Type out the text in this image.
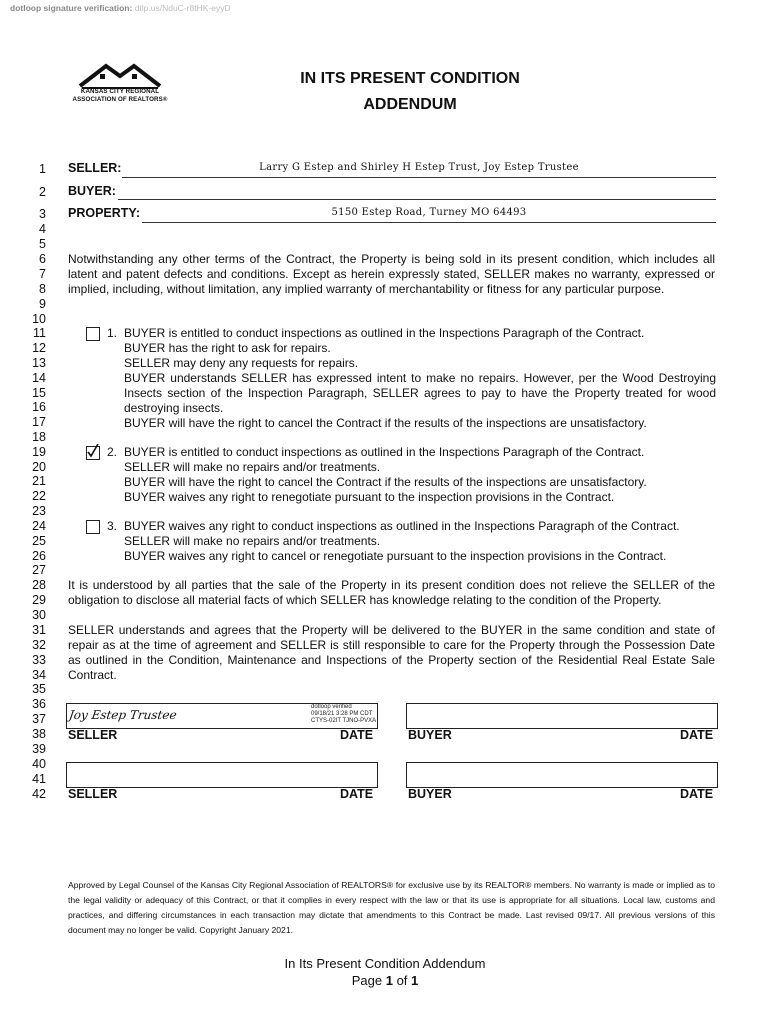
dotloop signature verification: dtlp.us/NduC-r8tHK-eyyD
KANSAS CITY REGIONAL
ASSOCIATION OF REALTORS®
IN ITS PRESENT CONDITION
ADDENDUM
1
2
3
4
5
6
7
8
9
10
11
12
13
14
15
16
17
18
19
20
21
22
23
24
25
26
27
28
29
30
31
32
33
34
35
36
37
38
39
40
41
42
SELLER:	Larry G Estep and Shirley H Estep Trust, Joy Estep Trustee
BUYER:
PROPERTY:	5150 Estep Road, Turney MO 64493
Notwithstanding any other terms of the Contract, the Property is being sold in its present condition, which includes all latent and patent defects and conditions. Except as herein expressly stated, SELLER makes no warranty, expressed or implied, including, without limitation, any implied warranty of merchantability or fitness for any particular purpose.
1. BUYER is entitled to conduct inspections as outlined in the Inspections Paragraph of the Contract.
BUYER has the right to ask for repairs.
SELLER may deny any requests for repairs.
BUYER understands SELLER has expressed intent to make no repairs. However, per the Wood Destroying Insects section of the Inspection Paragraph, SELLER agrees to pay to have the Property treated for wood destroying insects.
BUYER will have the right to cancel the Contract if the results of the inspections are unsatisfactory.
2. BUYER is entitled to conduct inspections as outlined in the Inspections Paragraph of the Contract.
SELLER will make no repairs and/or treatments.
BUYER will have the right to cancel the Contract if the results of the inspections are unsatisfactory.
BUYER waives any right to renegotiate pursuant to the inspection provisions in the Contract.
3. BUYER waives any right to conduct inspections as outlined in the Inspections Paragraph of the Contract.
SELLER will make no repairs and/or treatments.
BUYER waives any right to cancel or renegotiate pursuant to the inspection provisions in the Contract.
It is understood by all parties that the sale of the Property in its present condition does not relieve the SELLER of the obligation to disclose all material facts of which SELLER has knowledge relating to the condition of the Property.
SELLER understands and agrees that the Property will be delivered to the BUYER in the same condition and state of repair as at the time of agreement and SELLER is still responsible to care for the Property through the Possession Date as outlined in the Condition, Maintenance and Inspections of the Property section of the Residential Real Estate Sale Contract.
Joy Estep Trustee
dotloop verified
09/18/21 3:28 PM CDT
CTYS-02IT TJNO-PVXA
SELLER	DATE	BUYER	DATE
SELLER	DATE	BUYER	DATE
Approved by Legal Counsel of the Kansas City Regional Association of REALTORS® for exclusive use by its REALTOR® members. No warranty is made or implied as to the legal validity or adequacy of this Contract, or that it complies in every respect with the law or that its use is appropriate for all situations. Local law, customs and practices, and differing circumstances in each transaction may dictate that amendments to this Contract be made. Last revised 09/17. All previous versions of this document may no longer be valid. Copyright January 2021.
In Its Present Condition Addendum
Page 1 of 1
